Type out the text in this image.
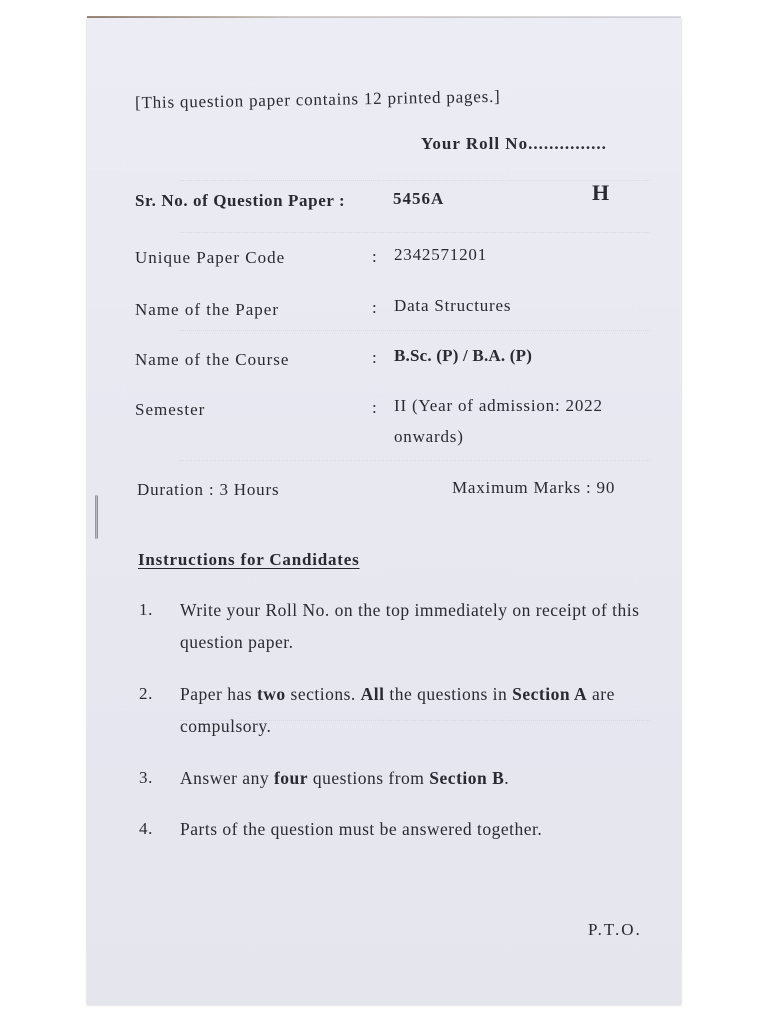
[This question paper contains 12 printed pages.]
Your Roll No...............
Sr. No. of Question Paper :	5456A	H
Unique Paper Code	: 2342571201
Name of the Paper	: Data Structures
Name of the Course	: B.Sc. (P) / B.A. (P)
Semester	: II (Year of admission: 2022
onwards)
Duration : 3 Hours	Maximum Marks : 90
Instructions for Candidates
1. Write your Roll No. on the top immediately on receipt of this question paper.
2. Paper has two sections. All the questions in Section A are compulsory.
3. Answer any four questions from Section B.
4. Parts of the question must be answered together.
P.T.O.
